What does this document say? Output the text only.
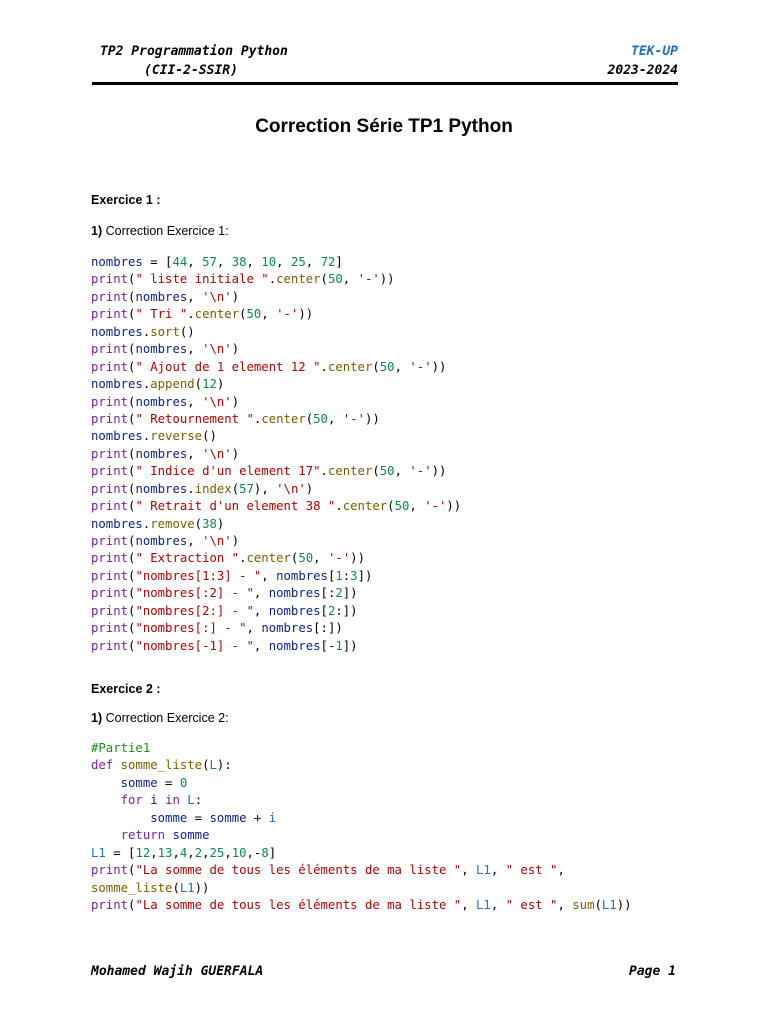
TP2 Programmation Python
(CII-2-SSIR)
TEK-UP
2023-2024
Correction Série TP1 Python
Exercice 1 :
1) Correction Exercice 1:
nombres = [44, 57, 38, 10, 25, 72]
print(" liste initiale ".center(50, '-'))
print(nombres, '\n')
print(" Tri ".center(50, '-'))
nombres.sort()
print(nombres, '\n')
print(" Ajout de 1 element 12 ".center(50, '-'))
nombres.append(12)
print(nombres, '\n')
print(" Retournement ".center(50, '-'))
nombres.reverse()
print(nombres, '\n')
print(" Indice d'un element 17".center(50, '-'))
print(nombres.index(57), '\n')
print(" Retrait d'un element 38 ".center(50, '-'))
nombres.remove(38)
print(nombres, '\n')
print(" Extraction ".center(50, '-'))
print("nombres[1:3] - ", nombres[1:3])
print("nombres[:2] - ", nombres[:2])
print("nombres[2:] - ", nombres[2:])
print("nombres[:] - ", nombres[:])
print("nombres[-1] - ", nombres[-1])
Exercice 2 :
1) Correction Exercice 2:
#Partie1
def somme_liste(L):
somme = 0
for i in L:
somme = somme + i
return somme
L1 = [12,13,4,2,25,10,-8]
print("La somme de tous les éléments de ma liste ", L1, " est ",
somme_liste(L1))
print("La somme de tous les éléments de ma liste ", L1, " est ", sum(L1))
Mohamed Wajih GUERFALA	Page 1
